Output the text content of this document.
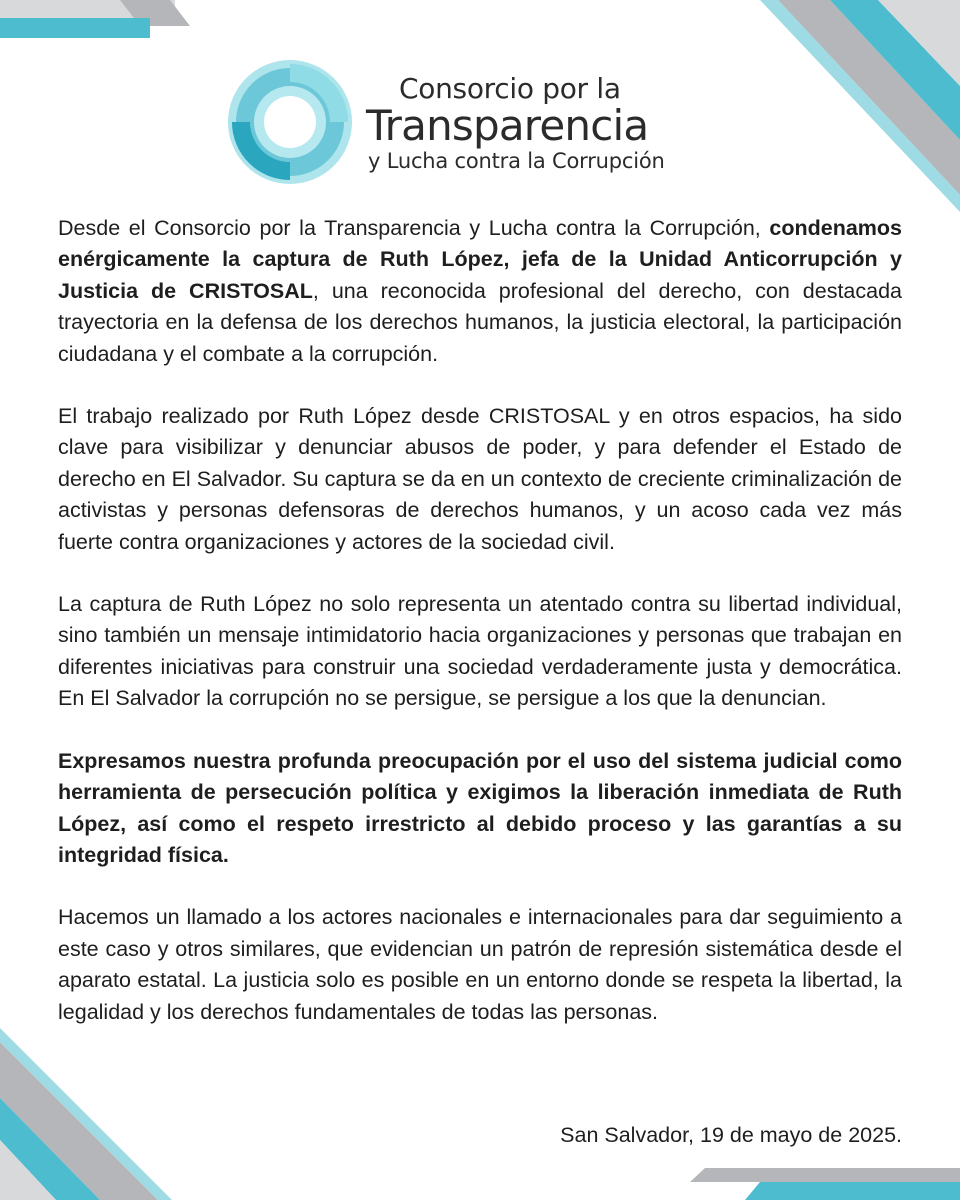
Consorcio por la
Transparencia
y Lucha contra la Corrupción

Desde el Consorcio por la Transparencia y Lucha contra la Corrupción, condenamos enérgicamente la captura de Ruth López, jefa de la Unidad Anticorrupción y Justicia de CRISTOSAL, una reconocida profesional del derecho, con destacada trayectoria en la defensa de los derechos humanos, la justicia electoral, la participación ciudadana y el combate a la corrupción.

El trabajo realizado por Ruth López desde CRISTOSAL y en otros espacios, ha sido clave para visibilizar y denunciar abusos de poder, y para defender el Estado de derecho en El Salvador. Su captura se da en un contexto de creciente criminalización de activistas y personas defensoras de derechos humanos, y un acoso cada vez más fuerte contra organizaciones y actores de la sociedad civil.

La captura de Ruth López no solo representa un atentado contra su libertad individual, sino también un mensaje intimidatorio hacia organizaciones y personas que trabajan en diferentes iniciativas para construir una sociedad verdaderamente justa y democrática. En El Salvador la corrupción no se persigue, se persigue a los que la denuncian.

Expresamos nuestra profunda preocupación por el uso del sistema judicial como herramienta de persecución política y exigimos la liberación inmediata de Ruth López, así como el respeto irrestricto al debido proceso y las garantías a su integridad física.

Hacemos un llamado a los actores nacionales e internacionales para dar seguimiento a este caso y otros similares, que evidencian un patrón de represión sistemática desde el aparato estatal. La justicia solo es posible en un entorno donde se respeta la libertad, la legalidad y los derechos fundamentales de todas las personas.

San Salvador, 19 de mayo de 2025.
